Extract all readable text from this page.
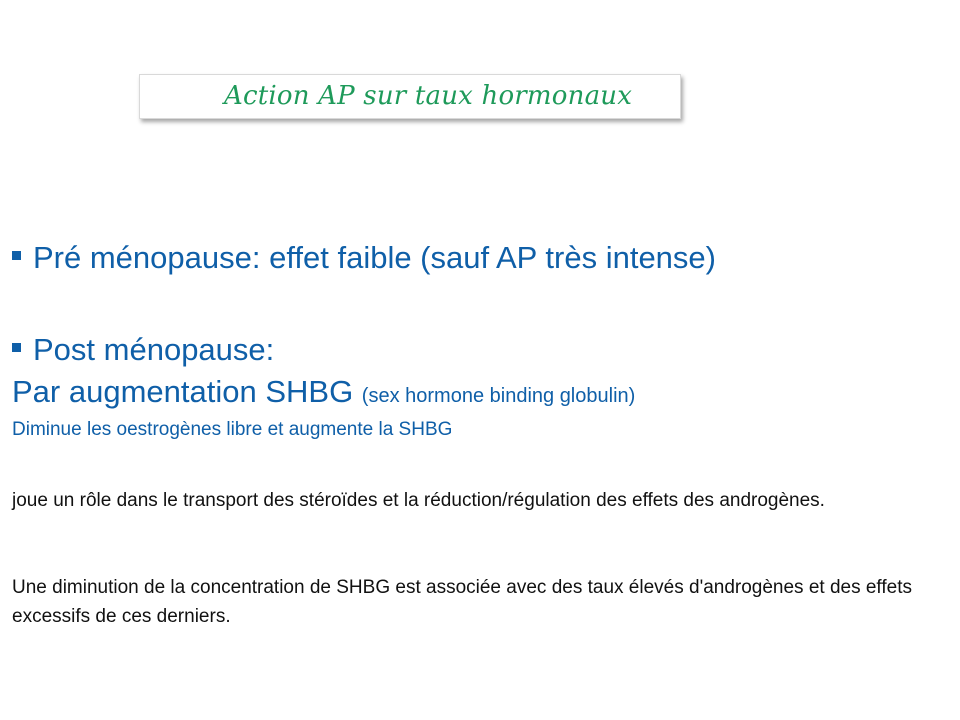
Action AP sur taux hormonaux
Pré ménopause: effet faible (sauf AP très intense)
Post ménopause:
Par augmentation SHBG (sex hormone binding globulin)
Diminue les oestrogènes libre et augmente la SHBG
joue un rôle dans le transport des stéroïdes et la réduction/régulation des effets des androgènes.
Une diminution de la concentration de SHBG est associée avec des taux élevés d'androgènes et des effets excessifs de ces derniers.
